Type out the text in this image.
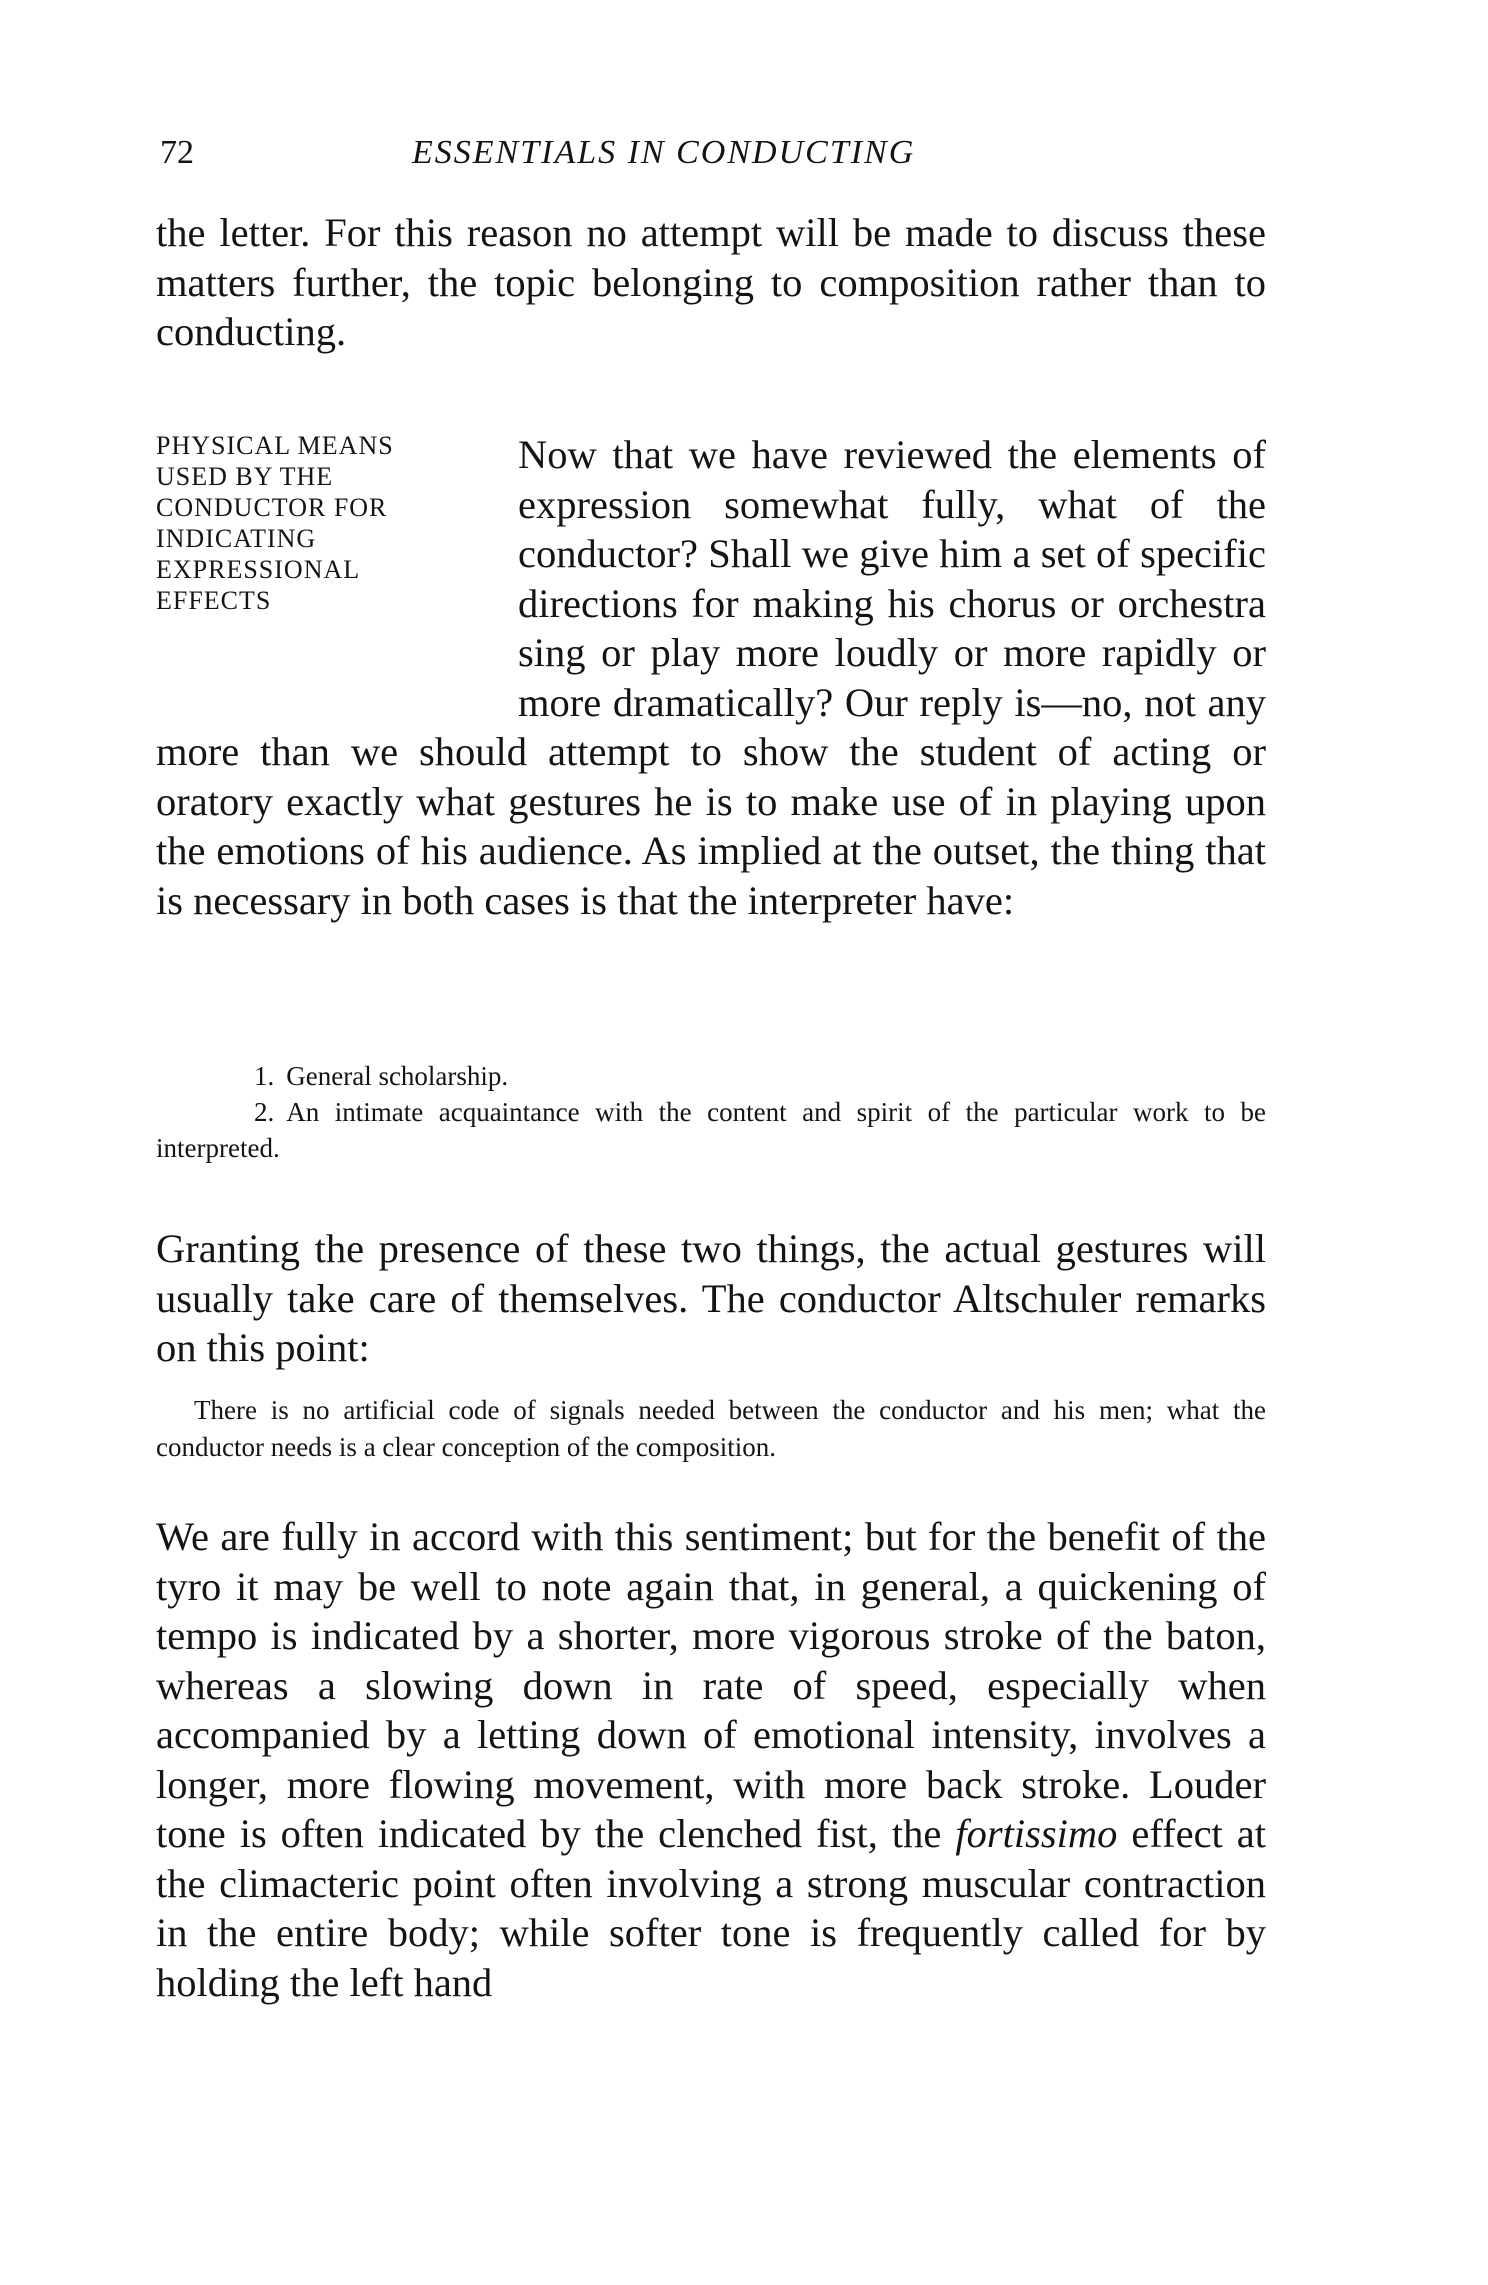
72	ESSENTIALS IN CONDUCTING

the letter. For this reason no attempt will be made to discuss these matters further, the topic belonging to composition rather than to conducting.

PHYSICAL MEANS
USED BY THE
CONDUCTOR FOR
INDICATING
EXPRESSIONAL
EFFECTS

Now that we have reviewed the elements of expression somewhat fully, what of the conductor? Shall we give him a set of specific directions for making his chorus or orchestra sing or play more loudly or more rapidly or more dramatically? Our reply is—no, not any more than we should attempt to show the student of acting or oratory exactly what gestures he is to make use of in playing upon the emotions of his audience. As implied at the outset, the thing that is necessary in both cases is that the interpreter have:

1. General scholarship.
2. An intimate acquaintance with the content and spirit of the particular work to be interpreted.

Granting the presence of these two things, the actual gestures will usually take care of themselves. The conductor Altschuler remarks on this point:

There is no artificial code of signals needed between the conductor and his men; what the conductor needs is a clear conception of the composition.

We are fully in accord with this sentiment; but for the benefit of the tyro it may be well to note again that, in general, a quickening of tempo is indicated by a shorter, more vigorous stroke of the baton, whereas a slowing down in rate of speed, especially when accompanied by a letting down of emotional intensity, involves a longer, more flowing movement, with more back stroke. Louder tone is often indicated by the clenched fist, the fortissimo effect at the climacteric point often involving a strong muscular contraction in the entire body; while softer tone is frequently called for by holding the left hand
